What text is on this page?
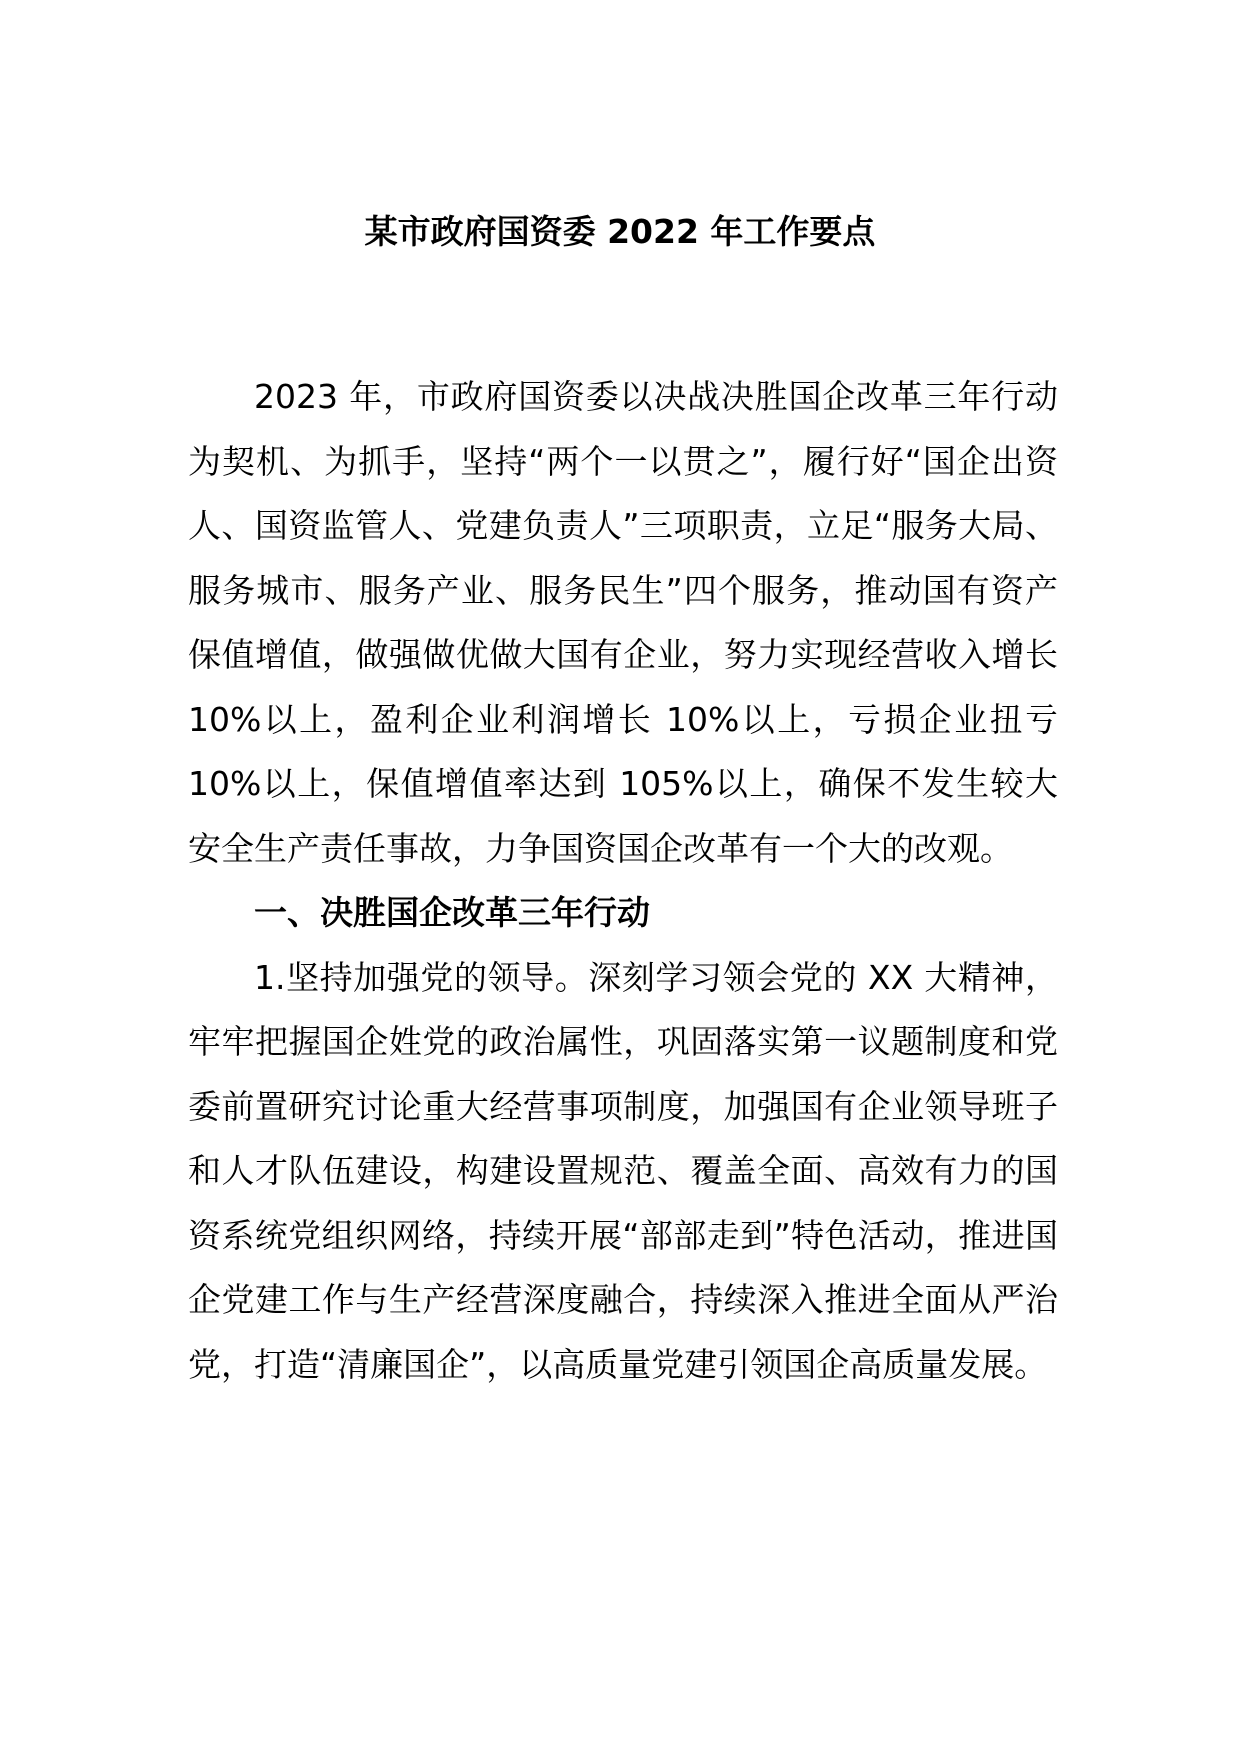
某市政府国资委 2022 年工作要点

2023 年，市政府国资委以决战决胜国企改革三年行动为契机、为抓手，坚持“两个一以贯之”，履行好“国企出资人、国资监管人、党建负责人”三项职责，立足“服务大局、服务城市、服务产业、服务民生”四个服务，推动国有资产保值增值，做强做优做大国有企业，努力实现经营收入增长 10%以上，盈利企业利润增长 10%以上，亏损企业扭亏 10%以上，保值增值率达到 105%以上，确保不发生较大安全生产责任事故，力争国资国企改革有一个大的改观。

一、决胜国企改革三年行动

1.坚持加强党的领导。深刻学习领会党的 XX 大精神，牢牢把握国企姓党的政治属性，巩固落实第一议题制度和党委前置研究讨论重大经营事项制度，加强国有企业领导班子和人才队伍建设，构建设置规范、覆盖全面、高效有力的国资系统党组织网络，持续开展“部部走到”特色活动，推进国企党建工作与生产经营深度融合，持续深入推进全面从严治党，打造“清廉国企”，以高质量党建引领国企高质量发展。
